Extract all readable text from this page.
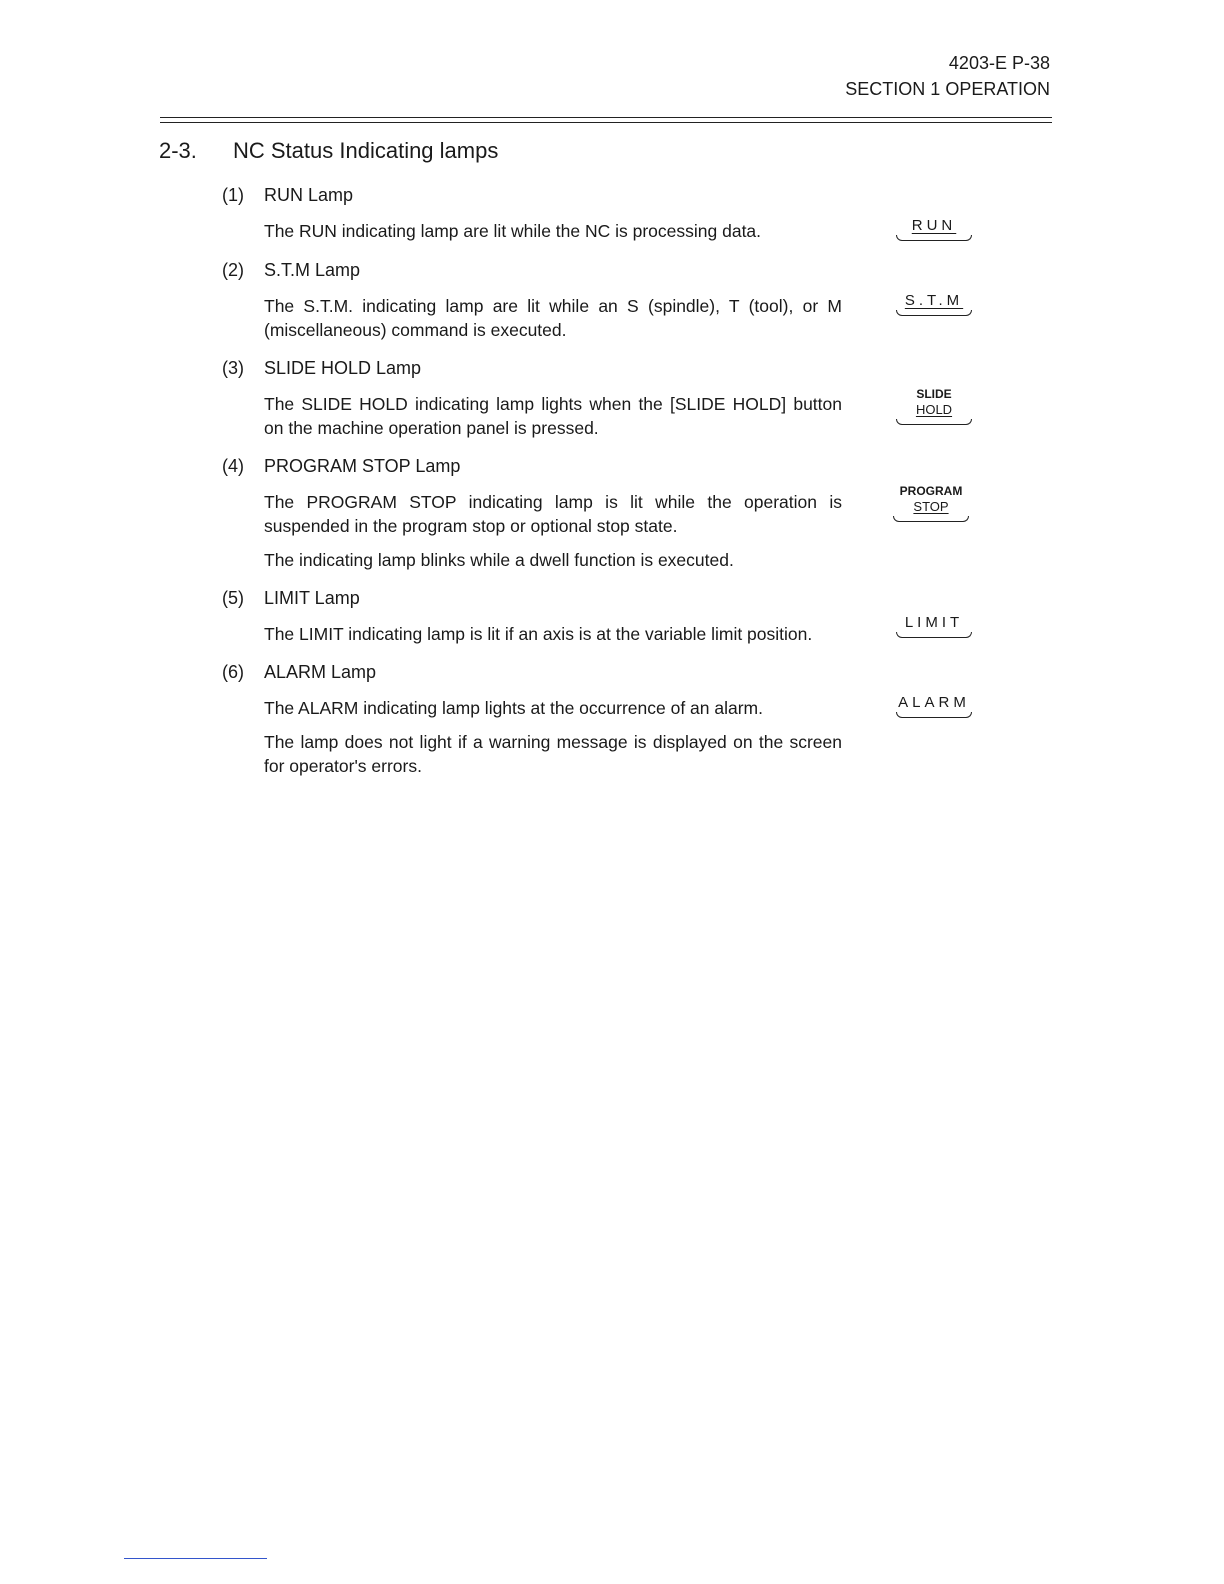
4203-E P-38
SECTION 1 OPERATION
2-3. NC Status Indicating lamps
(1) RUN Lamp
The RUN indicating lamp are lit while the NC is processing data.	RUN
(2) S.T.M Lamp
The S.T.M. indicating lamp are lit while an S (spindle), T (tool), or M (miscellaneous) command is executed.
S.T.M
(3) SLIDE HOLD Lamp
The SLIDE HOLD indicating lamp lights when the [SLIDE HOLD] button on the machine operation panel is pressed.
SLIDE
HOLD
(4) PROGRAM STOP Lamp
The PROGRAM STOP indicating lamp is lit while the operation is suspended in the program stop or optional stop state.
The indicating lamp blinks while a dwell function is executed.
PROGRAM
STOP
(5) LIMIT Lamp
The LIMIT indicating lamp is lit if an axis is at the variable limit position.
LIMIT
(6) ALARM Lamp
The ALARM indicating lamp lights at the occurrence of an alarm.
The lamp does not light if a warning message is displayed on the screen for operator's errors.
ALARM
